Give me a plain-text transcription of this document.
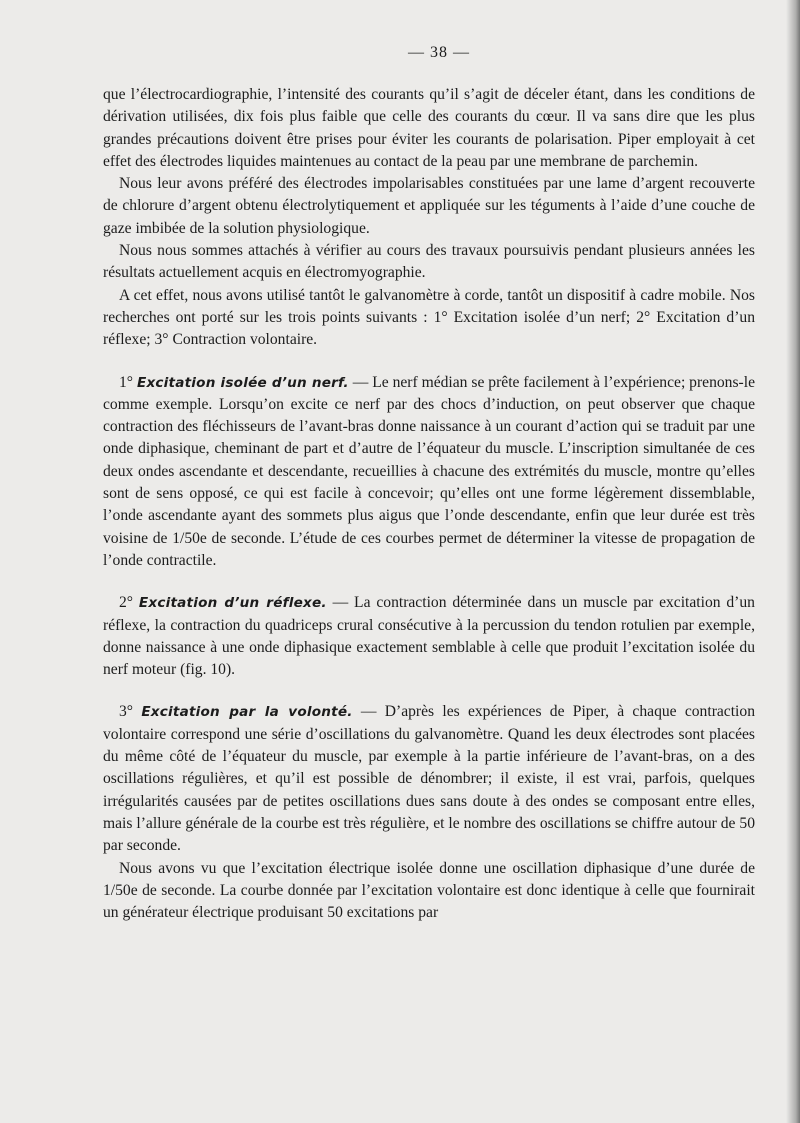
— 38 —

que l’électrocardiographie, l’intensité des courants qu’il s’agit de déceler étant, dans les conditions de dérivation utilisées, dix fois plus faible que celle des courants du cœur. Il va sans dire que les plus grandes précautions doivent être prises pour éviter les courants de polarisation. Piper employait à cet effet des électrodes liquides maintenues au contact de la peau par une membrane de parchemin.

Nous leur avons préféré des électrodes impolarisables constituées par une lame d’argent recouverte de chlorure d’argent obtenu électrolytiquement et appliquée sur les téguments à l’aide d’une couche de gaze imbibée de la solution physiologique.

Nous nous sommes attachés à vérifier au cours des travaux poursuivis pendant plusieurs années les résultats actuellement acquis en électromyographie.

A cet effet, nous avons utilisé tantôt le galvanomètre à corde, tantôt un dispositif à cadre mobile. Nos recherches ont porté sur les trois points suivants : 1° Excitation isolée d’un nerf; 2° Excitation d’un réflexe; 3° Contraction volontaire.

1° Excitation isolée d’un nerf. — Le nerf médian se prête facilement à l’expérience; prenons-le comme exemple. Lorsqu’on excite ce nerf par des chocs d’induction, on peut observer que chaque contraction des fléchisseurs de l’avant-bras donne naissance à un courant d’action qui se traduit par une onde diphasique, cheminant de part et d’autre de l’équateur du muscle. L’inscription simultanée de ces deux ondes ascendante et descendante, recueillies à chacune des extrémités du muscle, montre qu’elles sont de sens opposé, ce qui est facile à concevoir; qu’elles ont une forme légèrement dissemblable, l’onde ascendante ayant des sommets plus aigus que l’onde descendante, enfin que leur durée est très voisine de 1/50e de seconde. L’étude de ces courbes permet de déterminer la vitesse de propagation de l’onde contractile.

2° Excitation d’un réflexe. — La contraction déterminée dans un muscle par excitation d’un réflexe, la contraction du quadriceps crural consécutive à la percussion du tendon rotulien par exemple, donne naissance à une onde diphasique exactement semblable à celle que produit l’excitation isolée du nerf moteur (fig. 10).

3° Excitation par la volonté. — D’après les expériences de Piper, à chaque contraction volontaire correspond une série d’oscillations du galvanomètre. Quand les deux électrodes sont placées du même côté de l’équateur du muscle, par exemple à la partie inférieure de l’avant-bras, on a des oscillations régulières, et qu’il est possible de dénombrer; il existe, il est vrai, parfois, quelques irrégularités causées par de petites oscillations dues sans doute à des ondes se composant entre elles, mais l’allure générale de la courbe est très régulière, et le nombre des oscillations se chiffre autour de 50 par seconde.

Nous avons vu que l’excitation électrique isolée donne une oscillation diphasique d’une durée de 1/50e de seconde. La courbe donnée par l’excitation volontaire est donc identique à celle que fournirait un générateur électrique produisant 50 excitations par
